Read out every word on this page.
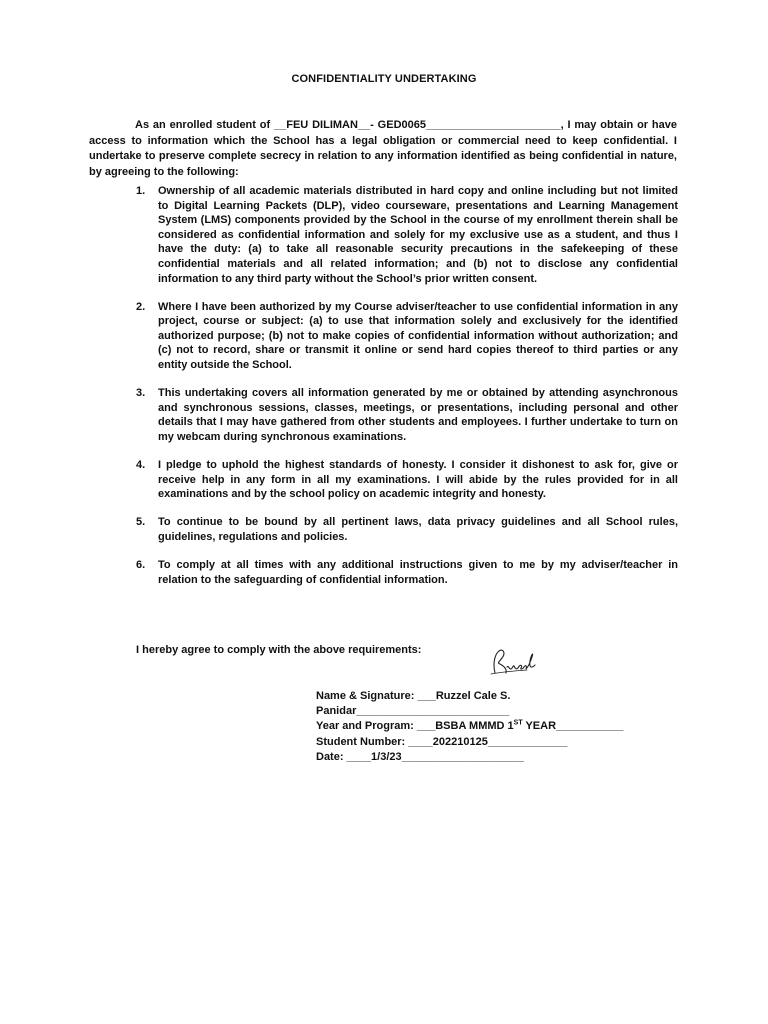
CONFIDENTIALITY UNDERTAKING

As an enrolled student of __FEU DILIMAN__- GED0065______________________, I may obtain or have access to information which the School has a legal obligation or commercial need to keep confidential. I undertake to preserve complete secrecy in relation to any information identified as being confidential in nature, by agreeing to the following:

1. Ownership of all academic materials distributed in hard copy and online including but not limited to Digital Learning Packets (DLP), video courseware, presentations and Learning Management System (LMS) components provided by the School in the course of my enrollment therein shall be considered as confidential information and solely for my exclusive use as a student, and thus I have the duty: (a) to take all reasonable security precautions in the safekeeping of these confidential materials and all related information; and (b) not to disclose any confidential information to any third party without the School’s prior written consent.
2. Where I have been authorized by my Course adviser/teacher to use confidential information in any project, course or subject: (a) to use that information solely and exclusively for the identified authorized purpose; (b) not to make copies of confidential information without authorization; and (c) not to record, share or transmit it online or send hard copies thereof to third parties or any entity outside the School.
3. This undertaking covers all information generated by me or obtained by attending asynchronous and synchronous sessions, classes, meetings, or presentations, including personal and other details that I may have gathered from other students and employees. I further undertake to turn on my webcam during synchronous examinations.
4. I pledge to uphold the highest standards of honesty. I consider it dishonest to ask for, give or receive help in any form in all my examinations. I will abide by the rules provided for in all examinations and by the school policy on academic integrity and honesty.
5. To continue to be bound by all pertinent laws, data privacy guidelines and all School rules, guidelines, regulations and policies.
6. To comply at all times with any additional instructions given to me by my adviser/teacher in relation to the safeguarding of confidential information.

I hereby agree to comply with the above requirements:

Name & Signature: ___Ruzzel Cale S.
Panidar_________________________
Year and Program: ___BSBA MMMD 1ST YEAR___________
Student Number: ____202210125_____________
Date: ____1/3/23____________________
